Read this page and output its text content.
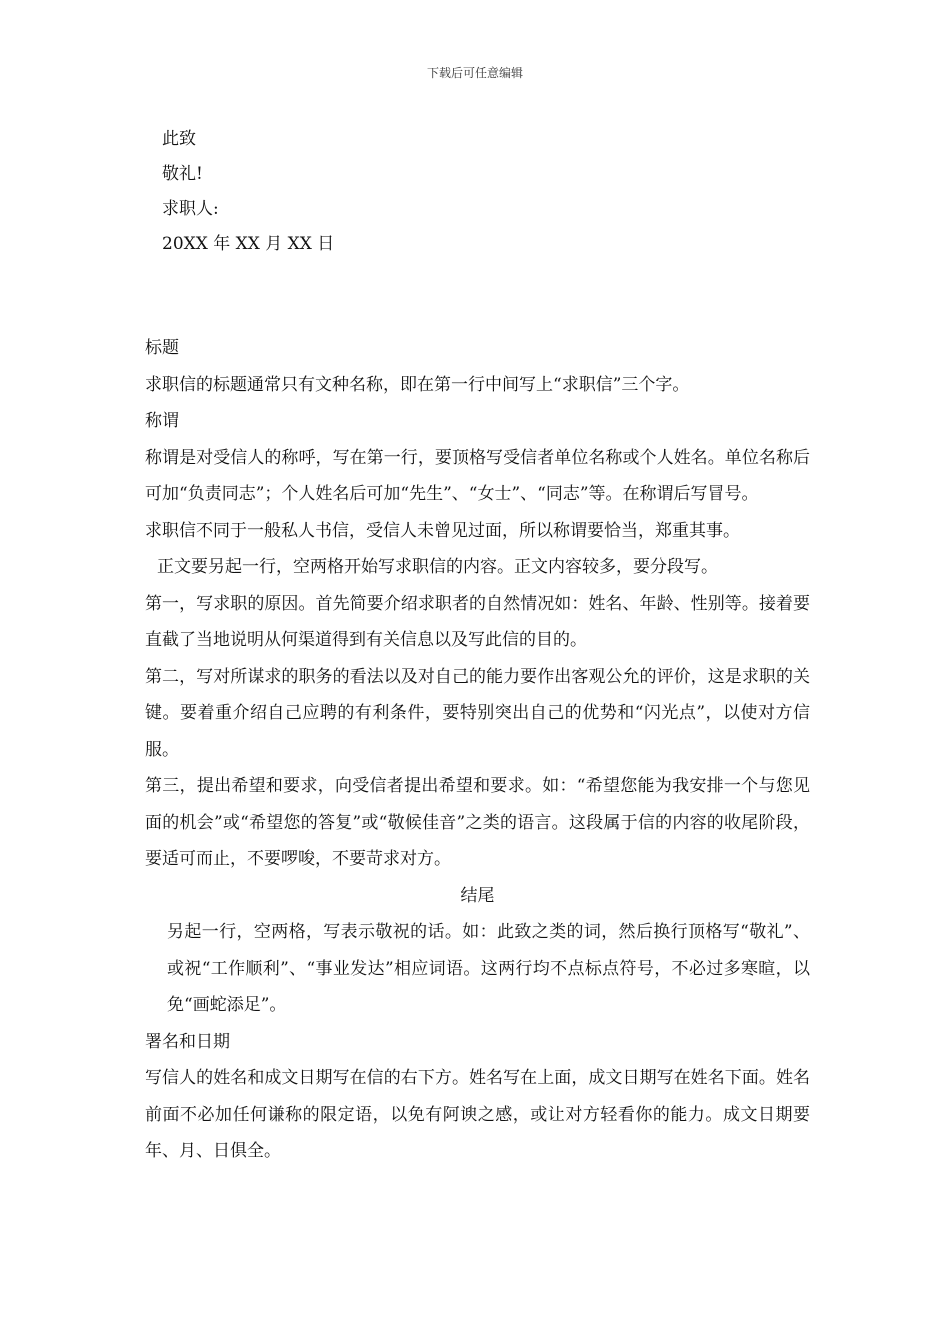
下载后可任意编辑
此致
敬礼!
求职人:
20XX 年 XX 月 XX 日

标题

求职信的标题通常只有文种名称，即在第一行中间写上“求职信”三个字。

称谓

称谓是对受信人的称呼，写在第一行，要顶格写受信者单位名称或个人姓名。单位名称后可加“负责同志”；个人姓名后可加“先生”、“女士”、“同志”等。在称谓后写冒号。

求职信不同于一般私人书信，受信人未曾见过面，所以称谓要恰当，郑重其事。

正文要另起一行，空两格开始写求职信的内容。正文内容较多，要分段写。

第一，写求职的原因。首先简要介绍求职者的自然情况如：姓名、年龄、性别等。接着要直截了当地说明从何渠道得到有关信息以及写此信的目的。

第二，写对所谋求的职务的看法以及对自己的能力要作出客观公允的评价，这是求职的关键。要着重介绍自己应聘的有利条件，要特别突出自己的优势和“闪光点”，以使对方信服。

第三，提出希望和要求，向受信者提出希望和要求。如：“希望您能为我安排一个与您见面的机会”或“希望您的答复”或“敬候佳音”之类的语言。这段属于信的内容的收尾阶段，要适可而止，不要啰唆，不要苛求对方。

结尾

另起一行，空两格，写表示敬祝的话。如：此致之类的词，然后换行顶格写“敬礼”、或祝“工作顺利”、“事业发达”相应词语。这两行均不点标点符号，不必过多寒暄，以免“画蛇添足”。

署名和日期

写信人的姓名和成文日期写在信的右下方。姓名写在上面，成文日期写在姓名下面。姓名前面不必加任何谦称的限定语，以免有阿谀之感，或让对方轻看你的能力。成文日期要年、月、日俱全。
